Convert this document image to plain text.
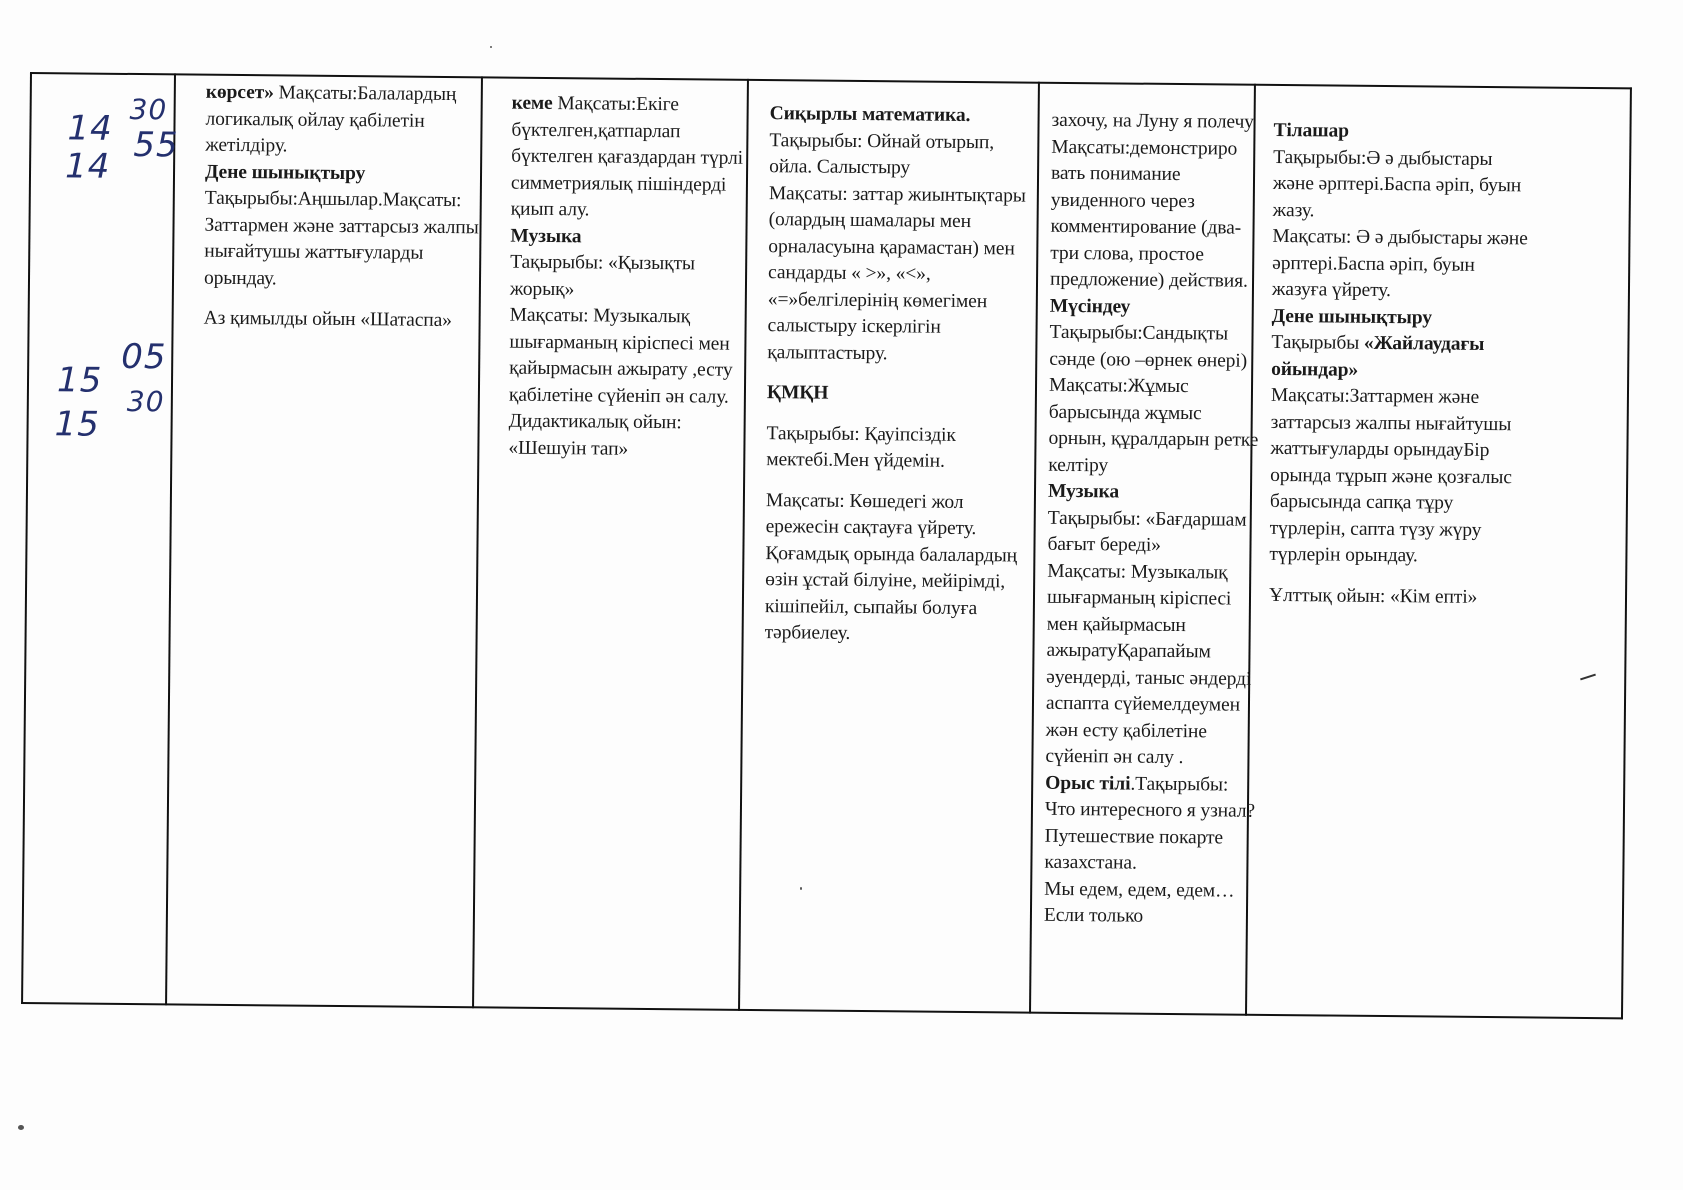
14 30
14
55
15
05
15
30

көрсет» Мақсаты:Балалардың логикалық ойлау қабілетін жетілдіру.

Дене шынықтыру

Тақырыбы:Аңшылар.Мақсаты: Заттармен және заттарсыз жалпы нығайтушы жаттығуларды орындау.

Аз қимылды ойын «Шатаспа»

кеме Мақсаты:Екіге бүктелген,қатпарлап бүктелген қағаздардан түрлі симметриялық пішіндерді қиып алу.

Музыка

Тақырыбы: «Қызықты жорық»

Мақсаты: Музыкалық шығарманың кіріспесі мен қайырмасын ажырату ,есту қабілетіне сүйеніп ән салу.

Дидактикалық ойын: «Шешуін тап»

Сиқырлы математика.

Тақырыбы: Ойнай отырып, ойла. Салыстыру

Мақсаты: заттар жиынтықтары (олардың шамалары мен орналасуына қарамастан) мен сандарды « >», «<», «=»белгілерінің көмегімен салыстыру іскерлігін қалыптастыру.

ҚМҚН

Тақырыбы: Қауіпсіздік мектебі.Мен үйдемін.

Мақсаты: Көшедегі жол ережесін сақтауға үйрету. Қоғамдық орында балалардың өзін ұстай білуіне, мейірімді, кішіпейіл, сыпайы болуға тәрбиелеу.

захочу, на Луну я полечу

Мақсаты:демонстриро вать понимание увиденного через комментирование (два-три слова, простое предложение) действия.

Мүсіндеу

Тақырыбы:Сандықты сәнде (ою –өрнек өнері)

Мақсаты:Жұмыс барысында жұмыс орнын, құралдарын ретке келтіру

Музыка

Тақырыбы: «Бағдаршам бағыт береді»

Мақсаты: Музыкалық шығарманың кіріспесі мен қайырмасын ажыратуҚарапайым әуендерді, таныс әндерді аспапта сүйемелдеумен жән есту қабілетіне сүйеніп ән салу .

Орыс тілі.Тақырыбы: Что интересного я узнал?Путешествие покарте казахстана.

Мы едем, едем, едем… Если только

Тілашар

Тақырыбы:Ә ә дыбыстары және әрптері.Баспа әріп, буын жазу.

Мақсаты: Ә ә дыбыстары және әрптері.Баспа әріп, буын жазуға үйрету.

Дене шынықтыру

Тақырыбы «Жайлаудағы ойындар»

Мақсаты:Заттармен және заттарсыз жалпы нығайтушы жаттығуларды орындауБір орында тұрып және қозғалыс барысында сапқа тұру түрлерін, сапта түзу жүру түрлерін орындау.

Ұлттық ойын: «Кім епті»
